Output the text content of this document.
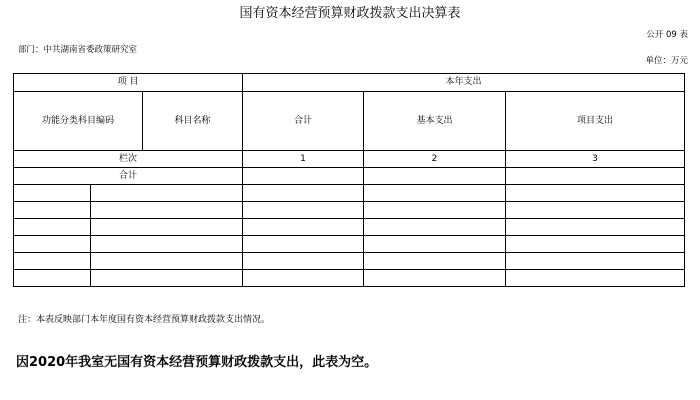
国有资本经营预算财政拨款支出决算表
公开 09 表
部门：中共湖南省委政策研究室
单位：万元
项 目			本年支出		
功能分类科目编码		科目名称	合计	基本支出	项目支出
栏次			1	2	3
合计					

注：本表反映部门本年度国有资本经营预算财政拨款支出情况。
因2020年我室无国有资本经营预算财政拨款支出，此表为空。
